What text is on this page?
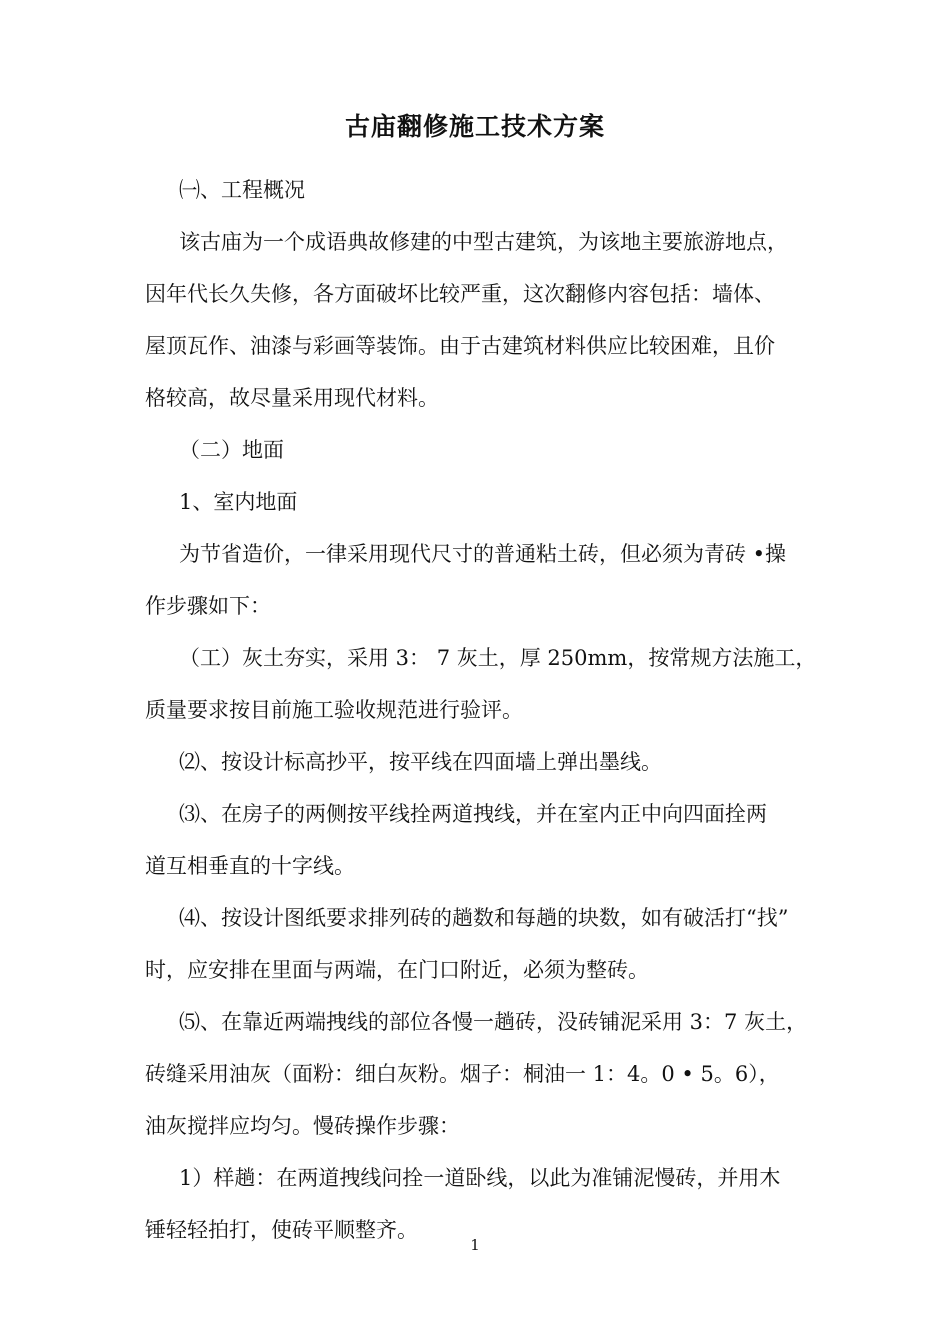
古庙翻修施工技术方案

㈠、工程概况

该古庙为一个成语典故修建的中型古建筑，为该地主要旅游地点，

因年代长久失修，各方面破坏比较严重，这次翻修内容包括：墙体、
屋顶瓦作、油漆与彩画等装饰。由于古建筑材料供应比较困难，且价
格较高，故尽量采用现代材料。

（二）地面

1、室内地面

为节省造价，一律采用现代尺寸的普通粘土砖，但必须为青砖 •操

作步骤如下：

（工）灰土夯实，采用 3： 7 灰土，厚 250mm，按常规方法施工，

质量要求按目前施工验收规范进行验评。

⑵、按设计标高抄平，按平线在四面墙上弹出墨线。

⑶、在房子的两侧按平线拴两道拽线，并在室内正中向四面拴两

道互相垂直的十字线。

⑷、按设计图纸要求排列砖的趟数和每趟的块数，如有破活打“找”

时，应安排在里面与两端，在门口附近，必须为整砖。

⑸、在靠近两端拽线的部位各慢一趟砖，没砖铺泥采用 3：7 灰土，

砖缝采用油灰（面粉：细白灰粉。烟子：桐油一 1：4。0 • 5。6），
油灰搅拌应均匀。慢砖操作步骤：

1）样趟：在两道拽线问拴一道卧线，以此为准铺泥慢砖，并用木

锤轻轻拍打，使砖平顺整齐。

1
